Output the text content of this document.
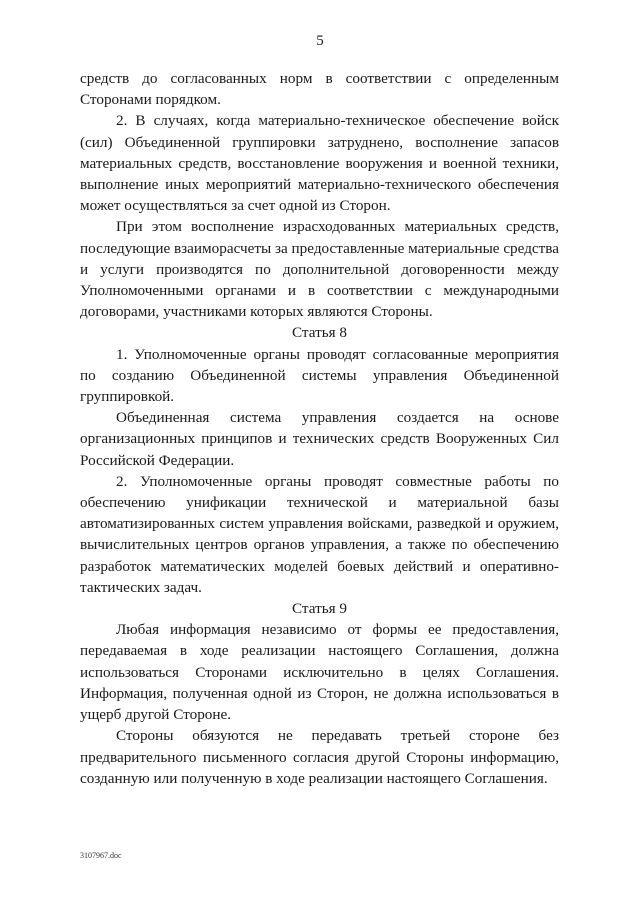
5

средств до согласованных норм в соответствии с определенным Сторонами порядком.

2. В случаях, когда материально-техническое обеспечение войск (сил) Объединенной группировки затруднено, восполнение запасов материальных средств, восстановление вооружения и военной техники, выполнение иных мероприятий материально-технического обеспечения может осуществляться за счет одной из Сторон.

При этом восполнение израсходованных материальных средств, последующие взаиморасчеты за предоставленные материальные средства и услуги производятся по дополнительной договоренности между Уполномоченными органами и в соответствии с международными договорами, участниками которых являются Стороны.

Статья 8

1. Уполномоченные органы проводят согласованные мероприятия по созданию Объединенной системы управления Объединенной группировкой.

Объединенная система управления создается на основе организационных принципов и технических средств Вооруженных Сил Российской Федерации.

2. Уполномоченные органы проводят совместные работы по обеспечению унификации технической и материальной базы автоматизированных систем управления войсками, разведкой и оружием, вычислительных центров органов управления, а также по обеспечению разработок математических моделей боевых действий и оперативно-тактических задач.

Статья 9

Любая информация независимо от формы ее предоставления, передаваемая в ходе реализации настоящего Соглашения, должна использоваться Сторонами исключительно в целях Соглашения. Информация, полученная одной из Сторон, не должна использоваться в ущерб другой Стороне.

Стороны обязуются не передавать третьей стороне без предварительного письменного согласия другой Стороны информацию, созданную или полученную в ходе реализации настоящего Соглашения.

3107967.doc
